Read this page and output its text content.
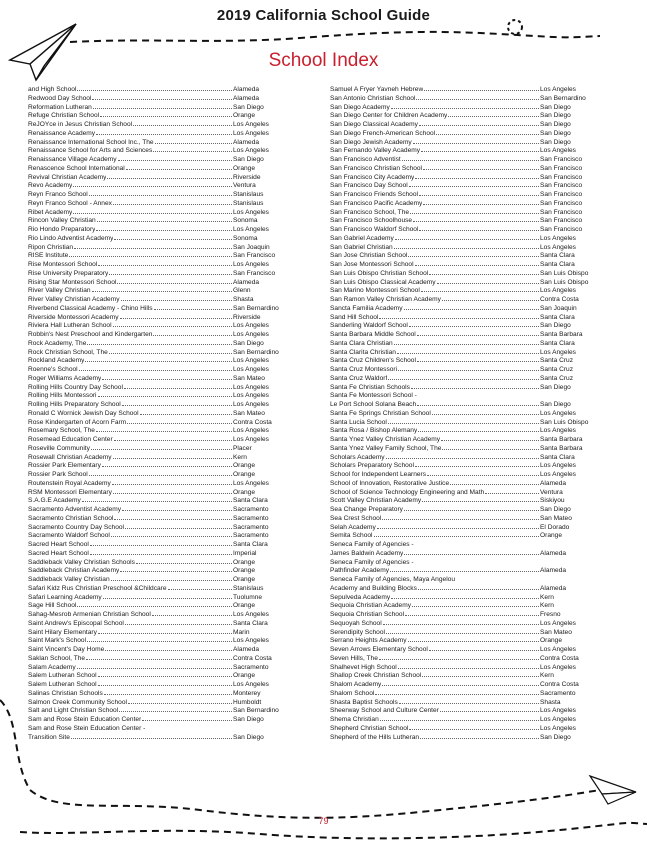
2019 California School Guide
School Index
and High School	Alameda
Redwood Day School	Alameda
Reformation Lutheran	San Diego
Refuge Christian School	Orange
ReJOYce in Jesus Christian School	Los Angeles
Renaissance Academy	Los Angeles
Renaissance International School Inc., The	Alameda
Renaissance School for Arts and Sciences	Los Angeles
Renaissance Village Academy	San Diego
Renascence School International	Orange
Revival Christian Academy	Riverside
Revo Academy	Ventura
Reyn Franco School	Stanislaus
Reyn Franco School - Annex	Stanislaus
Ribet Academy	Los Angeles
Rincon Valley Christian	Sonoma
Rio Hondo Preparatory	Los Angeles
Rio Lindo Adventist Academy	Sonoma
Ripon Christian	San Joaquin
RISE Institute	San Francisco
Rise Montessori School	Los Angeles
Rise University Preparatory	San Francisco
Rising Star Montessori School	Alameda
River Valley Christian	Glenn
River Valley Christian Academy	Shasta
Riverbend Classical Academy - Chino Hills	San Bernardino
Riverside Montessori Academy	Riverside
Riviera Hall Lutheran School	Los Angeles
Robbin's Nest Preschool and Kindergarten	Los Angeles
Rock Academy, The	San Diego
Rock Christian School, The	San Bernardino
Rockland Academy	Los Angeles
Roenne's School	Los Angeles
Roger Williams Academy	San Mateo
Rolling Hills Country Day School	Los Angeles
Rolling Hills Montessori	Los Angeles
Rolling Hills Preparatory School	Los Angeles
Ronald C Wornick Jewish Day School	San Mateo
Rose Kindergarten of Acorn Farm	Contra Costa
Rosemary School, The	Los Angeles
Rosemead Education Center	Los Angeles
Roseville Community	Placer
Rosewall Christian Academy	Kern
Rossier Park Elementary	Orange
Rossier Park School	Orange
Routenstein Royal Academy	Los Angeles
RSM Montessori Elementary	Orange
S.A.G.E Academy	Santa Clara
Sacramento Adventist Academy	Sacramento
Sacramento Christian School	Sacramento
Sacramento Country Day School	Sacramento
Sacramento Waldorf School	Sacramento
Sacred Heart School	Santa Clara
Sacred Heart School	Imperial
Saddleback Valley Christian Schools	Orange
Saddleback Christian Academy	Orange
Saddleback Valley Christian	Orange
Safari Kidz Rus Christian Preschool &Childcare	Stanislaus
Safari Learning Academy	Tuolumne
Sage Hill School	Orange
Sahag-Mesrob Armenian Christian School	Los Angeles
Saint Andrew's Episcopal School	Santa Clara
Saint Hilary Elementary	Marin
Saint Mark's School	Los Angeles
Saint Vincent's Day Home	Alameda
Saklan School, The	Contra Costa
Salam Academy	Sacramento
Salem Lutheran School	Orange
Salem Lutheran School	Los Angeles
Salinas Christian Schools	Monterey
Salmon Creek Community School	Humboldt
Salt and Light Christian School	San Bernardino
Sam and Rose Stein Education Center	San Diego
Sam and Rose Stein Education Center -
Transition Site	San Diego
Samuel A Fryer Yavneh Hebrew	Los Angeles
San Antonio Christian School	San Bernardino
San Diego Academy	San Diego
San Diego Center for Children Academy	San Diego
San Diego Classical Academy	San Diego
San Diego French-American School	San Diego
San Diego Jewish Academy	San Diego
San Fernando Valley Academy	Los Angeles
San Francisco Adventist	San Francisco
San Francisco Christian School	San Francisco
San Francisco City Academy	San Francisco
San Francisco Day School	San Francisco
San Francisco Friends School	San Francisco
San Francisco Pacific Academy	San Francisco
San Francisco School, The	San Francisco
San Francisco Schoolhouse	San Francisco
San Francisco Waldorf School	San Francisco
San Gabriel Academy	Los Angeles
San Gabriel Christian	Los Angeles
San Jose Christian School	Santa Clara
San Jose Montessori School	Santa Clara
San Luis Obispo Christian School	San Luis Obispo
San Luis Obispo Classical Academy	San Luis Obispo
San Marino Montessori School	Los Angeles
San Ramon Valley Christian Academy	Contra Costa
Sancta Familia Academy	San Joaquin
Sand Hill School	Santa Clara
Sanderling Waldorf School	San Diego
Santa Barbara Middle School	Santa Barbara
Santa Clara Christian	Santa Clara
Santa Clarita Christian	Los Angeles
Santa Cruz Children's School	Santa Cruz
Santa Cruz Montessori	Santa Cruz
Santa Cruz Waldorf	Santa Cruz
Santa Fe Christian Schools	San Diego
Santa Fe Montessori School -
Le Port School Solana Beach	San Diego
Santa Fe Springs Christian School	Los Angeles
Santa Lucia School	San Luis Obispo
Santa Rosa / Bishop Alemany	Los Angeles
Santa Ynez Valley Christian Academy	Santa Barbara
Santa Ynez Valley Family School, The	Santa Barbara
Scholars Academy	Santa Clara
Scholars Preparatory School	Los Angeles
School for Independent Learners	Los Angeles
School of Innovation, Restorative Justice	Alameda
School of Science Technology Engineering and Math	Ventura
Scott Valley Christian Academy	Siskiyou
Sea Change Preparatory	San Diego
Sea Crest School	San Mateo
Selah Academy	El Dorado
Semita School	Orange
Seneca Family of Agencies -
James Baldwin Academy	Alameda
Seneca Family of Agencies -
Pathfinder Academy	Alameda
Seneca Family of Agencies, Maya Angelou
Academy and Building Blocks	Alameda
Sepulveda Academy	Kern
Sequoia Christian Academy	Kern
Sequoia Christian School	Fresno
Sequoyah School	Los Angeles
Serendipity School	San Mateo
Serrano Heights Academy	Orange
Seven Arrows Elementary School	Los Angeles
Seven Hills, The	Contra Costa
Shalhevet High School	Los Angeles
Shallop Creek Christian School	Kern
Shalom Academy	Contra Costa
Shalom School	Sacramento
Shasta Baptist Schools	Shasta
Sheerway School and Culture Center	Los Angeles
Shema Christian	Los Angeles
Shepherd Christian School	Los Angeles
Shepherd of the Hills Lutheran	San Diego
79
